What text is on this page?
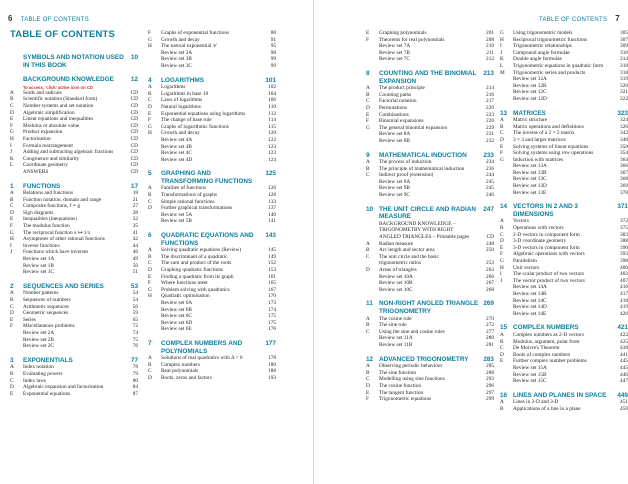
6 TABLE OF CONTENTS
TABLE OF CONTENTS
SYMBOLS AND NOTATION USED IN THIS BOOK
10
BACKGROUND KNOWLEDGE	12
To access, 'click' active icon on CD
A	Surds and radicals	CD
B	Scientific notation (Standard form)	CD
C	Number systems and set notation	CD
D	Algebraic simplification	CD
E	Linear equations and inequalities	CD
F	Modulus or absolute value	CD
G	Product expansion	CD
H	Factorisation	CD
I	Formula rearrangement	CD
J	Adding and subtracting algebraic fractions	CD
K	Congruence and similarity	CD
L	Coordinate geometry	CD
ANSWERS	CD
1	FUNCTIONS	17
A	Relations and functions	18
B	Function notation, domain and range	21
C	Composite functions, f ∘ g	27
D	Sign diagrams	28
E	Inequalities (inequations)	32
F	The modulus function	35
G	The reciprocal function x ↦ 1/x	41
H	Asymptotes of other rational functions	42
I	Inverse functions	44
J	Functions which have inverses	46
Review set 1A	49
Review set 1B	50
Review set 1C	51
2	SEQUENCES AND SERIES	53
A	Number patterns	54
B	Sequences of numbers	54
C	Arithmetic sequences	56
D	Geometric sequences	59
E	Series	65
F	Miscellaneous problems	72
Review set 2A	74
Review set 2B	75
Review set 2C	76
3	EXPONENTIALS	77
A	Index notation	78
B	Evaluating powers	79
C	Index laws	80
D	Algebraic expansion and factorisation	84
E	Exponential equations	87
F	Graphs of exponential functions	88
G	Growth and decay	91
H	The natural exponential 'e'	95
Review set 3A	98
Review set 3B	99
Review set 3C	99
4	LOGARITHMS	101
A	Logarithms	102
B	Logarithms in base 10	104
C	Laws of logarithms	106
D	Natural logarithms	110
E	Exponential equations using logarithms	112
F	The change of base rule	114
G	Graphs of logarithmic functions	115
H	Growth and decay	120
Review set 4A	122
Review set 4B	123
Review set 4C	123
Review set 4D	124
5	GRAPHING AND TRANSFORMING FUNCTIONS
125
A	Families of functions	126
B	Transformations of graphs	128
C	Simple rational functions	133
D	Further graphical transformations	137
Review set 5A	140
Review set 5B	141
6	QUADRATIC EQUATIONS AND FUNCTIONS
143
A	Solving quadratic equations (Review)	145
B	The discriminant of a quadratic	149
C	The sum and product of the roots	152
D	Graphing quadratic functions	153
E	Finding a quadratic from its graph	161
F	Where functions meet	165
G	Problem solving with quadratics	167
H	Quadratic optimisation	170
Review set 6A	173
Review set 6B	174
Review set 6C	175
Review set 6D	175
Review set 6E	176
7	COMPLEX NUMBERS AND POLYNOMIALS
177
A	Solutions of real quadratics with Δ < 0	178
B	Complex numbers	180
C	Real polynomials	188
D	Roots, zeros and factors	193
TABLE OF CONTENTS 7
E	Graphing polynomials	201
F	Theorems for real polynomials	208
Review set 7A	210
Review set 7B	211
Review set 7C	212
8	COUNTING AND THE BINOMIAL EXPANSION
213
A	The product principle	214
B	Counting paths	216
C	Factorial notation	217
D	Permutations	220
E	Combinations	223
F	Binomial expansions	226
G	The general binomial expansion	229
Review set 8A	231
Review set 8B	232
9	MATHEMATICAL INDUCTION	233
A	The process of induction	234
B	The principle of mathematical induction	236
C	Indirect proof (extension)	244
Review set 9A	245
Review set 9B	245
Review set 9C	246
10 THE UNIT CIRCLE AND RADIAN MEASURE
247
BACKGROUND KNOWLEDGE –
TRIGONOMETRY WITH RIGHT
ANGLED TRIANGLES – Printable pages	CD
A	Radian measure	248
B	Arc length and sector area	250
C	The unit circle and the basic
trigonometric ratios	253
D	Areas of triangles	263
Review set 10A	266
Review set 10B	267
Review set 10C	268
11 NON-RIGHT ANGLED TRIANGLE TRIGONOMETRY
269
A	The cosine rule	270
B	The sine rule	272
C	Using the sine and cosine rules	277
Review set 11A	280
Review set 11B	281
12 ADVANCED TRIGONOMETRY	283
A	Observing periodic behaviour	285
B	The sine function	288
C	Modelling using sine functions	293
D	The cosine function	296
E	The tangent function	297
F	Trigonometric equations	299
G	Using trigonometric models	305
H	Reciprocal trigonometric functions	307
I	Trigonometric relationships	309
J	Compound angle formulae	310
K	Double angle formulae	314
L	Trigonometric equations in quadratic form	318
M	Trigonometric series and products	318
Review set 12A	319
Review set 12B	320
Review set 12C	321
Review set 12D	322
13 MATRICES	323
A	Matrix structure	324
B	Matrix operations and definitions	326
C	The inverse of a 2 × 2 matrix	342
D	3 × 3 and larger matrices	348
E	Solving systems of linear equations	350
F	Solving systems using row operations	354
G	Induction with matrices	364
Review set 13A	366
Review set 13B	367
Review set 13C	368
Review set 13D	369
Review set 13E	370
14 VECTORS IN 2 AND 3 DIMENSIONS
371
A	Vectors	372
B	Operations with vectors	375
C	2-D vectors in component form	383
D	3-D coordinate geometry	388
E	3-D vectors in component form	390
F	Algebraic operations with vectors	393
G	Parallelism	398
H	Unit vectors	400
I	The scalar product of two vectors	402
J	The vector product of two vectors	407
Review set 14A	416
Review set 14B	417
Review set 14C	418
Review set 14D	419
Review set 14E	420
15 COMPLEX NUMBERS	421
A	Complex numbers as 2-D vectors	422
B	Modulus, argument, polar form	425
C	De Moivre's Theorem	438
D	Roots of complex numbers	441
E	Further complex number problems	445
Review set 15A	445
Review set 15B	446
Review set 15C	447
16 LINES AND PLANES IN SPACE	449
A	Lines in 2-D and 3-D	451
B	Applications of a line in a plane	456
